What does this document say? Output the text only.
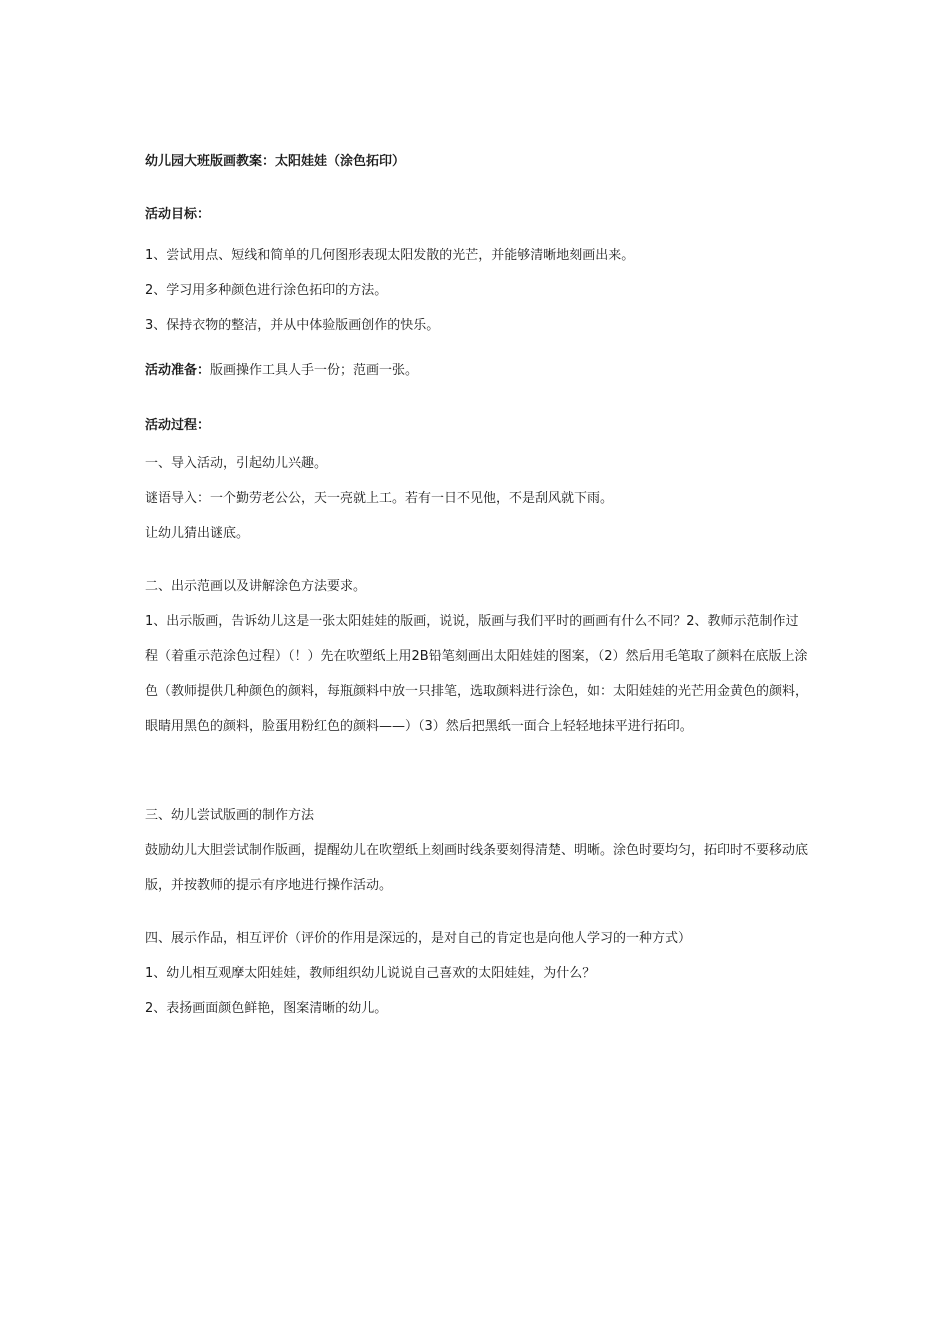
幼儿园大班版画教案：太阳娃娃（涂色拓印）
活动目标：
1、尝试用点、短线和简单的几何图形表现太阳发散的光芒，并能够清晰地刻画出来。
2、学习用多种颜色进行涂色拓印的方法。
3、保持衣物的整洁，并从中体验版画创作的快乐。
活动准备：版画操作工具人手一份；范画一张。
活动过程：
一、导入活动，引起幼儿兴趣。
谜语导入：一个勤劳老公公，天一亮就上工。若有一日不见他，不是刮风就下雨。
让幼儿猜出谜底。
二、出示范画以及讲解涂色方法要求。
1、出示版画，告诉幼儿这是一张太阳娃娃的版画，说说，版画与我们平时的画画有什么不同？2、教师示范制作过程（着重示范涂色过程）（！）先在吹塑纸上用2B铅笔刻画出太阳娃娃的图案，（2）然后用毛笔取了颜料在底版上涂色（教师提供几种颜色的颜料，每瓶颜料中放一只排笔，选取颜料进行涂色，如：太阳娃娃的光芒用金黄色的颜料，眼睛用黑色的颜料，脸蛋用粉红色的颜料——）（3）然后把黑纸一面合上轻轻地抹平进行拓印。
三、幼儿尝试版画的制作方法
鼓励幼儿大胆尝试制作版画，提醒幼儿在吹塑纸上刻画时线条要刻得清楚、明晰。涂色时要均匀，拓印时不要移动底版，并按教师的提示有序地进行操作活动。
四、展示作品，相互评价（评价的作用是深远的，是对自己的肯定也是向他人学习的一种方式）
1、幼儿相互观摩太阳娃娃，教师组织幼儿说说自己喜欢的太阳娃娃，为什么？
2、表扬画面颜色鲜艳，图案清晰的幼儿。
